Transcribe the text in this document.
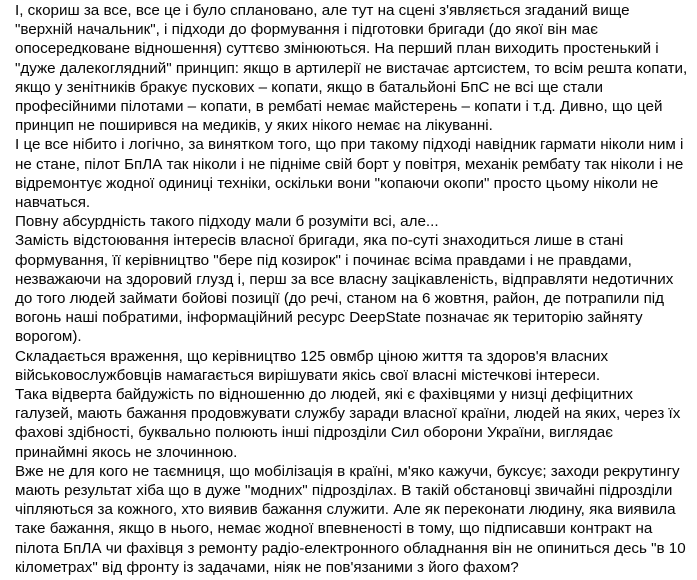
І, скориш за все, все це і було сплановано, але тут на сцені з'являється згаданий вище "верхній начальник", і підходи до формування і підготовки бригади (до якої він має опосередковане відношення) суттєво змінюються. На перший план виходить простенький і "дуже далекоглядний" принцип: якщо в артилерії не вистачає артсистем, то всім решта копати, якщо у зенітників бракує пускових – копати, якщо в батальйоні БпС не всі ще стали професійними пілотами – копати, в рембаті немає майстерень – копати і т.д. Дивно, що цей принцип не поширився на медиків, у яких нікого немає на лікуванні.

І це все нібито і логічно, за винятком того, що при такому підході навідник гармати ніколи ним і не стане, пілот БпЛА так ніколи і не підніме свій борт у повітря, механік рембату так ніколи і не відремонтує жодної одиниці техніки, оскільки вони "копаючи окопи" просто цьому ніколи не навчаться.

Повну абсурдність такого підходу мали б розуміти всі, але...

Замість відстоювання інтересів власної бригади, яка по-суті знаходиться лише в стані формування, її керівництво "бере під козирок" і починає всіма правдами і не правдами, незважаючи на здоровий глузд і, перш за все власну зацікавленість, відправляти недотичних до того людей займати бойові позиції (до речі, станом на 6 жовтня, район, де потрапили під вогонь наші побратими, інформаційний ресурс DeepState позначає як територію зайняту ворогом).

Складається враження, що керівництво 125 овмбр ціною життя та здоров'я власних військовослужбовців намагається вирішувати якісь свої власні містечкові інтереси.

Така відверта байдужість по відношенню до людей, які є фахівцями у низці дефіцитних галузей, мають бажання продовжувати службу заради власної країни, людей на яких, через їх фахові здібності, буквально полюють інші підрозділи Сил оборони України, виглядає принаймні якось не злочинною.

Вже не для кого не таємниця, що мобілізація в країні, м'яко кажучи, буксує; заходи рекрутингу мають результат хіба що в дуже "модних" підрозділах. В такій обстановці звичайні підрозділи чіпляються за кожного, хто виявив бажання служити. Але як переконати людину, яка виявила таке бажання, якщо в нього, немає жодної впевненості в тому, що підписавши контракт на пілота БпЛА чи фахівця з ремонту радіо-електронного обладнання він не опиниться десь "в 10 кілометрах" від фронту із задачами, ніяк не пов'язаними з його фахом?
